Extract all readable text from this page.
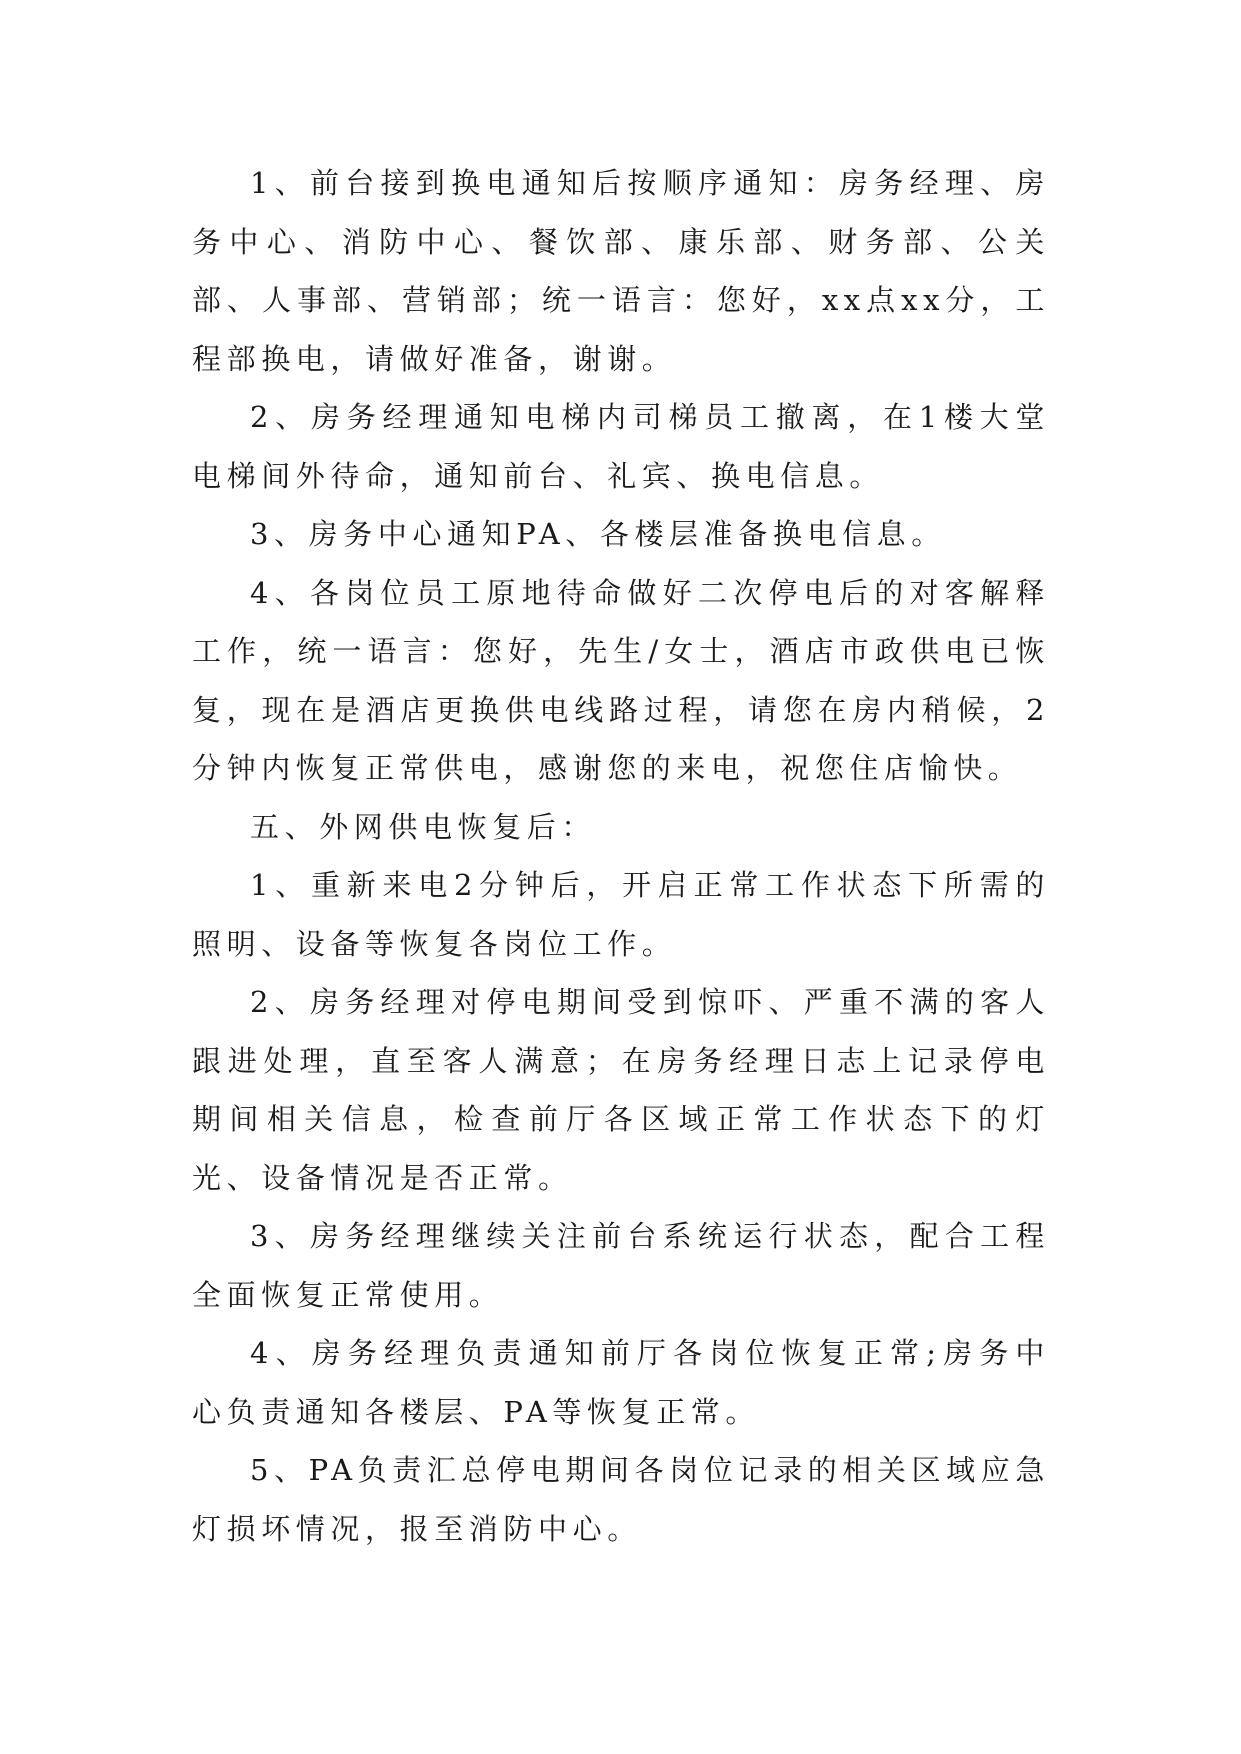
1、前台接到换电通知后按顺序通知：房务经理、房务中心、消防中心、餐饮部、康乐部、财务部、公关部、人事部、营销部；统一语言：您好，xx点xx分，工程部换电，请做好准备，谢谢。

2、房务经理通知电梯内司梯员工撤离，在1楼大堂电梯间外待命，通知前台、礼宾、换电信息。

3、房务中心通知PA、各楼层准备换电信息。

4、各岗位员工原地待命做好二次停电后的对客解释工作，统一语言：您好，先生/女士，酒店市政供电已恢复，现在是酒店更换供电线路过程，请您在房内稍候，2分钟内恢复正常供电，感谢您的来电，祝您住店愉快。

五、外网供电恢复后：

1、重新来电2分钟后，开启正常工作状态下所需的照明、设备等恢复各岗位工作。

2、房务经理对停电期间受到惊吓、严重不满的客人跟进处理，直至客人满意；在房务经理日志上记录停电期间相关信息，检查前厅各区域正常工作状态下的灯光、设备情况是否正常。

3、房务经理继续关注前台系统运行状态，配合工程全面恢复正常使用。

4、房务经理负责通知前厅各岗位恢复正常;房务中心负责通知各楼层、PA等恢复正常。

5、PA负责汇总停电期间各岗位记录的相关区域应急灯损坏情况，报至消防中心。
